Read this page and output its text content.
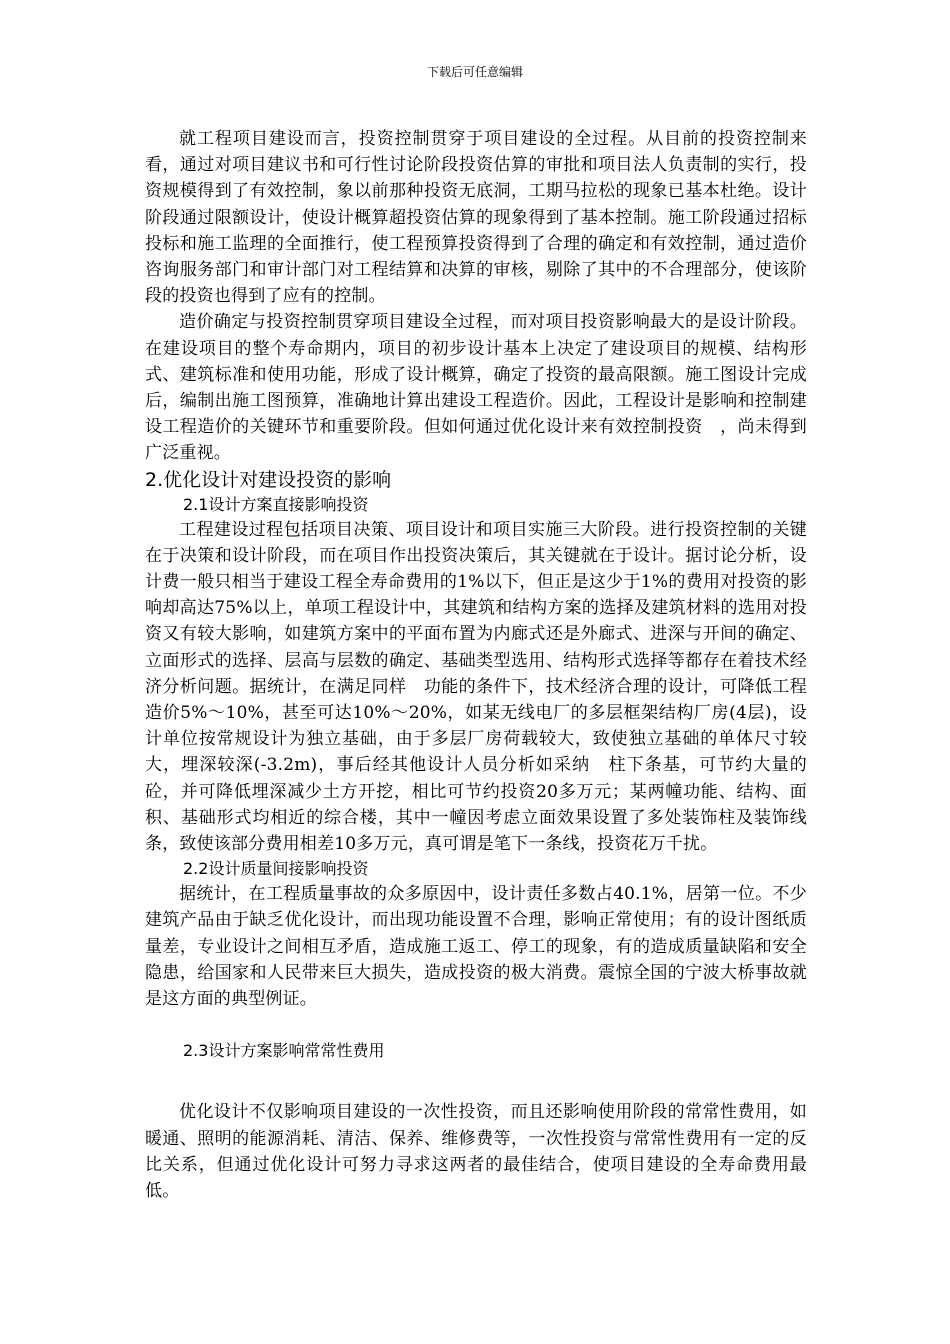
下载后可任意编辑

就工程项目建设而言，投资控制贯穿于项目建设的全过程。从目前的投资控制来看，通过对项目建议书和可行性讨论阶段投资估算的审批和项目法人负责制的实行，投资规模得到了有效控制，象以前那种投资无底洞，工期马拉松的现象已基本杜绝。设计阶段通过限额设计，使设计概算超投资估算的现象得到了基本控制。施工阶段通过招标投标和施工监理的全面推行，使工程预算投资得到了合理的确定和有效控制，通过造价咨询服务部门和审计部门对工程结算和决算的审核，剔除了其中的不合理部分，使该阶段的投资也得到了应有的控制。

造价确定与投资控制贯穿项目建设全过程，而对项目投资影响最大的是设计阶段。在建设项目的整个寿命期内，项目的初步设计基本上决定了建设项目的规模、结构形式、建筑标准和使用功能，形成了设计概算，确定了投资的最高限额。施工图设计完成后，编制出施工图预算，准确地计算出建设工程造价。因此，工程设计是影响和控制建设工程造价的关键环节和重要阶段。但如何通过优化设计来有效控制投资　，尚未得到广泛重视。

2.优化设计对建设投资的影响
2.1设计方案直接影响投资

工程建设过程包括项目决策、项目设计和项目实施三大阶段。进行投资控制的关键在于决策和设计阶段，而在项目作出投资决策后，其关键就在于设计。据讨论分析，设计费一般只相当于建设工程全寿命费用的1%以下，但正是这少于1%的费用对投资的影响却高达75%以上，单项工程设计中，其建筑和结构方案的选择及建筑材料的选用对投资又有较大影响，如建筑方案中的平面布置为内廊式还是外廊式、进深与开间的确定、立面形式的选择、层高与层数的确定、基础类型选用、结构形式选择等都存在着技术经济分析问题。据统计，在满足同样　功能的条件下，技术经济合理的设计，可降低工程造价5%～10%，甚至可达10%～20%，如某无线电厂的多层框架结构厂房(4层)，设计单位按常规设计为独立基础，由于多层厂房荷载较大，致使独立基础的单体尺寸较大，埋深较深(-3.2m)，事后经其他设计人员分析如采纳　柱下条基，可节约大量的砼，并可降低埋深减少土方开挖，相比可节约投资20多万元；某两幢功能、结构、面积、基础形式均相近的综合楼，其中一幢因考虑立面效果设置了多处装饰柱及装饰线条，致使该部分费用相差10多万元，真可谓是笔下一条线，投资花万千扰。

2.2设计质量间接影响投资

据统计，在工程质量事故的众多原因中，设计责任多数占40.1%，居第一位。不少建筑产品由于缺乏优化设计，而出现功能设置不合理，影响正常使用；有的设计图纸质量差，专业设计之间相互矛盾，造成施工返工、停工的现象，有的造成质量缺陷和安全隐患，给国家和人民带来巨大损失，造成投资的极大消费。震惊全国的宁波大桥事故就是这方面的典型例证。

2.3设计方案影响常常性费用

优化设计不仅影响项目建设的一次性投资，而且还影响使用阶段的常常性费用，如暖通、照明的能源消耗、清洁、保养、维修费等，一次性投资与常常性费用有一定的反比关系，但通过优化设计可努力寻求这两者的最佳结合，使项目建设的全寿命费用最低。
